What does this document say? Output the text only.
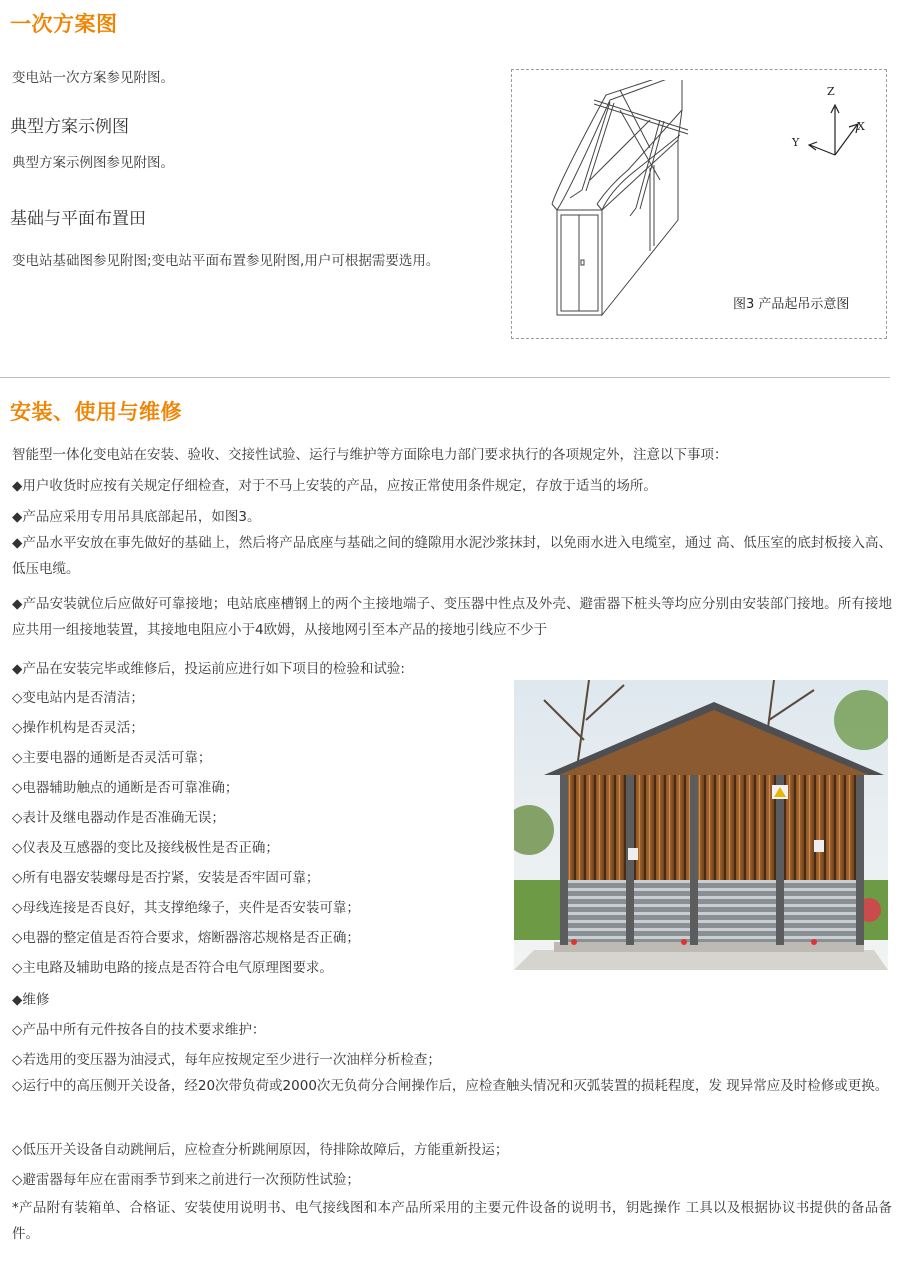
一次方案图
变电站一次方案参见附图。
典型方案示例图
典型方案示例图参见附图。
基础与平面布置田
变电站基础图参见附图;变电站平面布置参见附图,用户可根据需要选用。
Z
Y
X
图3 产品起吊示意图
安装、使用与维修
智能型一体化变电站在安装、验收、交接性试验、运行与维护等方面除电力部门要求执行的各项规定外，注意以下事项：
◆用户收货时应按有关规定仔细检查，对于不马上安装的产品，应按正常使用条件规定，存放于适当的场所。
◆产品应采用专用吊具底部起吊，如图3。
◆产品水平安放在事先做好的基础上，然后将产品底座与基础之间的缝隙用水泥沙浆抹封，以免雨水进入电缆室，通过 高、低压室的底封板接入高、低压电缆。
◆产品安装就位后应做好可靠接地；电站底座槽钢上的两个主接地端子、变压器中性点及外壳、避雷器下桩头等均应分别由安装部门接地。所有接地应共用一组接地装置，其接地电阻应小于4欧姆，从接地网引至本产品的接地引线应不少于
◆产品在安装完毕或维修后，投运前应进行如下项目的检验和试验:
◇变电站内是否清洁；
◇操作机构是否灵活；
◇主要电器的通断是否灵活可靠；
◇电器辅助触点的通断是否可靠准确；
◇表计及继电器动作是否准确无误；
◇仪表及互感器的变比及接线极性是否正确；
◇所有电器安装螺母是否拧紧，安装是否牢固可靠；
◇母线连接是否良好，其支撑绝缘子，夹件是否安装可靠；
◇电器的整定值是否符合要求，熔断器溶芯规格是否正确；
◇主电路及辅助电路的接点是否符合电气原理图要求。
◆维修
◇产品中所有元件按各自的技术要求维护：
◇若选用的变压器为油浸式，每年应按规定至少进行一次油样分析检查；
◇运行中的高压侧开关设备，经20次带负荷或2000次无负荷分合闸操作后，应检查触头情况和灭弧装置的损耗程度，发 现异常应及时检修或更换。
◇低压开关设备自动跳闸后，应检查分析跳闸原因，待排除故障后，方能重新投运；
◇避雷器每年应在雷雨季节到来之前进行一次预防性试验；
*产品附有装箱单、合格证、安装使用说明书、电气接线图和本产品所采用的主要元件设备的说明书，钥匙操作 工具以及根据协议书提供的备品备件。
